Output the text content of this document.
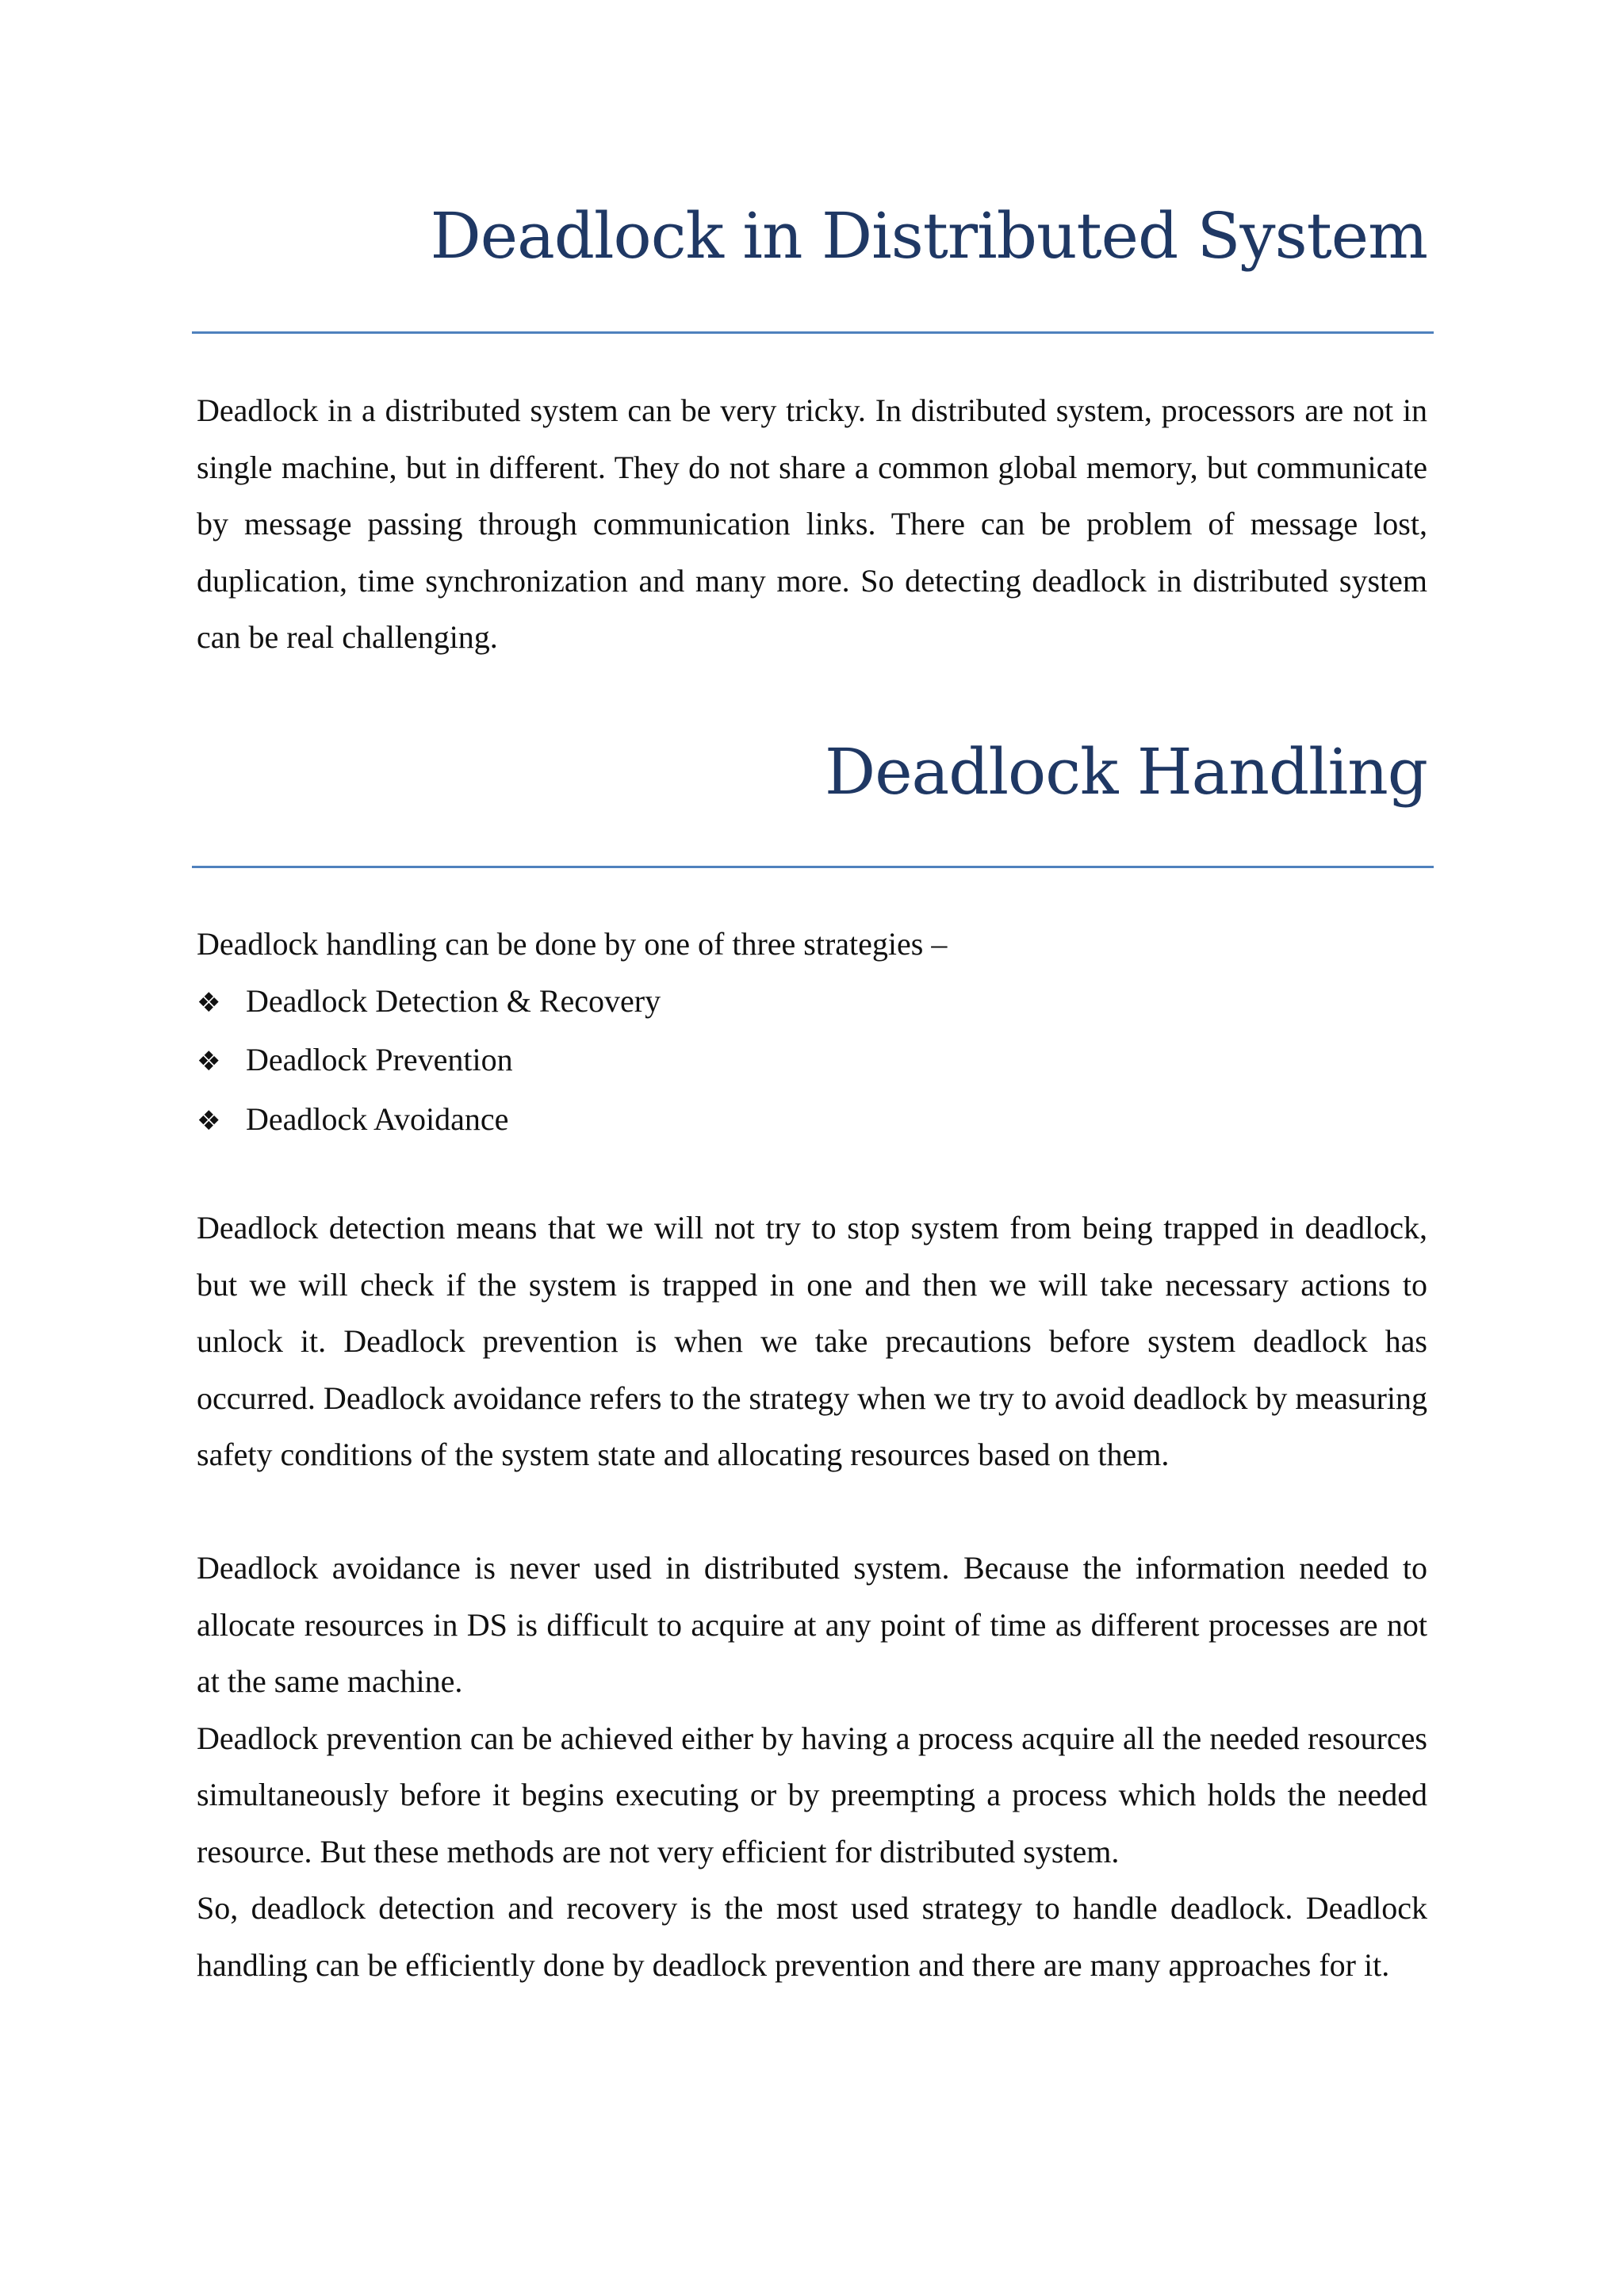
Deadlock in Distributed System

Deadlock in a distributed system can be very tricky. In distributed system, processors are not in single machine, but in different. They do not share a common global memory, but communicate by message passing through communication links. There can be problem of message lost, duplication, time synchronization and many more. So detecting deadlock in distributed system can be real challenging.

Deadlock Handling

Deadlock handling can be done by one of three strategies –

❖ Deadlock Detection & Recovery
❖ Deadlock Prevention
❖ Deadlock Avoidance

Deadlock detection means that we will not try to stop system from being trapped in deadlock, but we will check if the system is trapped in one and then we will take necessary actions to unlock it. Deadlock prevention is when we take precautions before system deadlock has occurred. Deadlock avoidance refers to the strategy when we try to avoid deadlock by measuring safety conditions of the system state and allocating resources based on them.

Deadlock avoidance is never used in distributed system. Because the information needed to allocate resources in DS is difficult to acquire at any point of time as different processes are not at the same machine.

Deadlock prevention can be achieved either by having a process acquire all the needed resources simultaneously before it begins executing or by preempting a process which holds the needed resource. But these methods are not very efficient for distributed system.

So, deadlock detection and recovery is the most used strategy to handle deadlock. Deadlock handling can be efficiently done by deadlock prevention and there are many approaches for it.
